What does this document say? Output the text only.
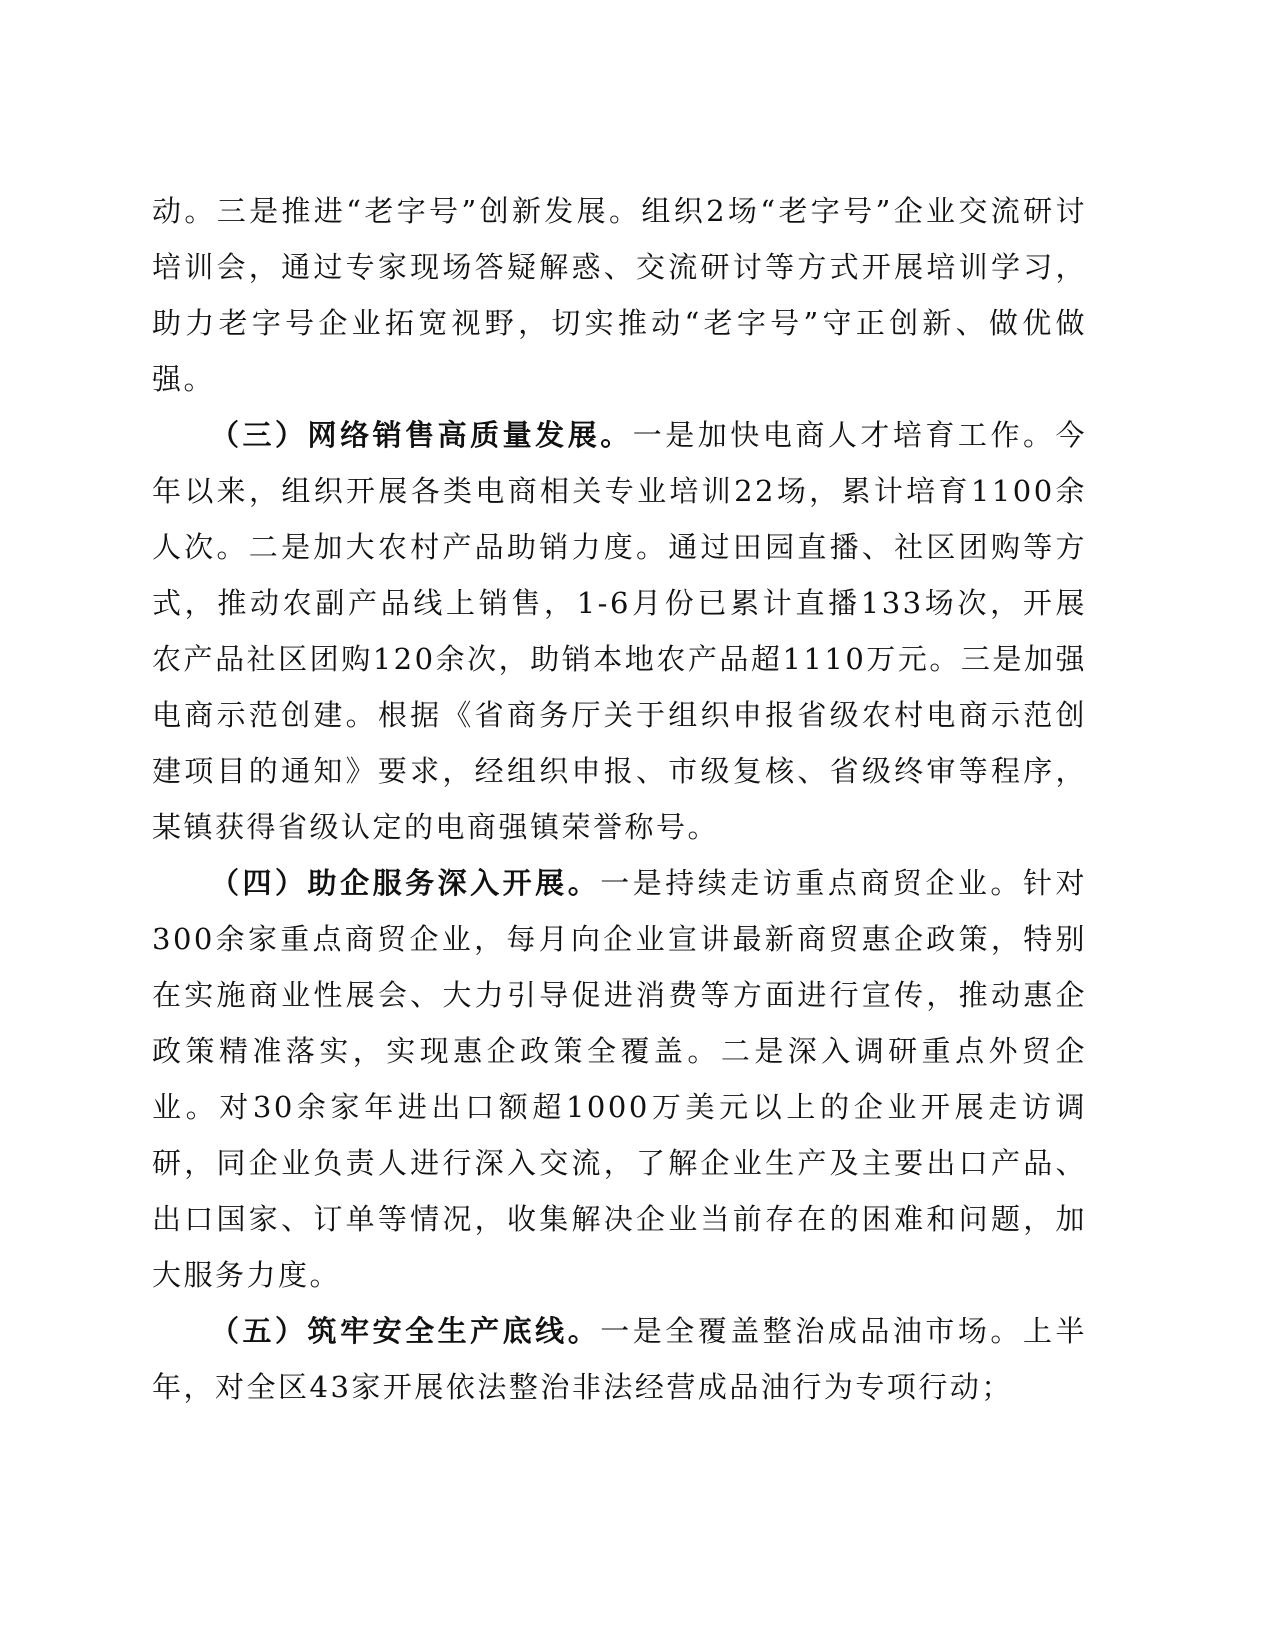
动。三是推进“老字号”创新发展。组织2场“老字号”企业交流研讨培训会，通过专家现场答疑解惑、交流研讨等方式开展培训学习，助力老字号企业拓宽视野，切实推动“老字号”守正创新、做优做强。

（三）网络销售高质量发展。一是加快电商人才培育工作。今年以来，组织开展各类电商相关专业培训22场，累计培育1100余人次。二是加大农村产品助销力度。通过田园直播、社区团购等方式，推动农副产品线上销售，1-6月份已累计直播133场次，开展农产品社区团购120余次，助销本地农产品超1110万元。三是加强电商示范创建。根据《省商务厅关于组织申报省级农村电商示范创建项目的通知》要求，经组织申报、市级复核、省级终审等程序，某镇获得省级认定的电商强镇荣誉称号。

（四）助企服务深入开展。一是持续走访重点商贸企业。针对300余家重点商贸企业，每月向企业宣讲最新商贸惠企政策，特别在实施商业性展会、大力引导促进消费等方面进行宣传，推动惠企政策精准落实，实现惠企政策全覆盖。二是深入调研重点外贸企业。对30余家年进出口额超1000万美元以上的企业开展走访调研，同企业负责人进行深入交流，了解企业生产及主要出口产品、出口国家、订单等情况，收集解决企业当前存在的困难和问题，加大服务力度。

（五）筑牢安全生产底线。一是全覆盖整治成品油市场。上半年，对全区43家开展依法整治非法经营成品油行为专项行动；
